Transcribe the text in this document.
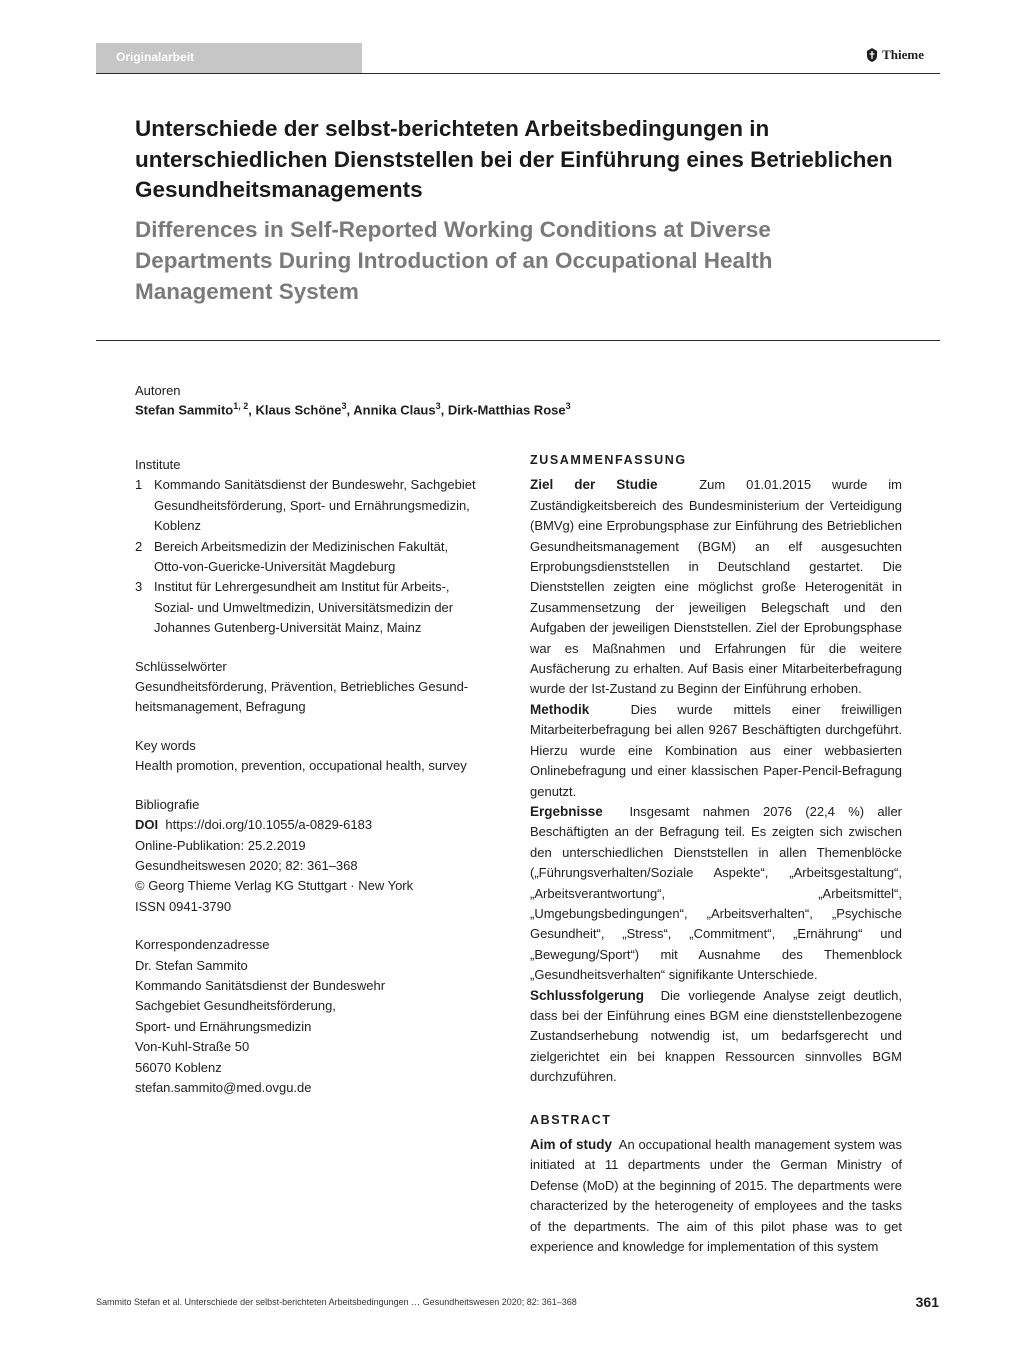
Originalarbeit	Thieme
Unterschiede der selbst-berichteten Arbeitsbedingungen in unterschiedlichen Dienststellen bei der Einführung eines Betrieblichen Gesundheitsmanagements
Differences in Self-Reported Working Conditions at Diverse Departments During Introduction of an Occupational Health Management System
Autoren
Stefan Sammito$^{1, 2}$, Klaus Schöne$^3$, Annika Claus$^3$, Dirk-Matthias Rose$^3$
Institute
1 Kommando Sanitätsdienst der Bundeswehr, Sachgebiet
Gesundheitsförderung, Sport- und Ernährungsmedizin,
Koblenz
2 Bereich Arbeitsmedizin der Medizinischen Fakultät,
Otto-von-Guericke-Universität Magdeburg
3 Institut für Lehrergesundheit am Institut für Arbeits-,
Sozial- und Umweltmedizin, Universitätsmedizin der
Johannes Gutenberg-Universität Mainz, Mainz
Schlüsselwörter
Gesundheitsförderung, Prävention, Betriebliches Gesund-
heitsmanagement, Befragung
Key words
Health promotion, prevention, occupational health, survey
Bibliografie
DOI https://doi.org/10.1055/a-0829-6183
Online-Publikation: 25.2.2019
Gesundheitswesen 2020; 82: 361–368
© Georg Thieme Verlag KG Stuttgart · New York
ISSN 0941-3790
Korrespondenzadresse
Dr. Stefan Sammito
Kommando Sanitätsdienst der Bundeswehr
Sachgebiet Gesundheitsförderung,
Sport- und Ernährungsmedizin
Von-Kuhl-Straße 50
56070 Koblenz
stefan.sammito@med.ovgu.de
ZUSAMMENFASSUNG

Ziel der Studie	Zum 01.01.2015 wurde im Zuständigkeitsbereich des Bundesministerium der Verteidigung (BMVg) eine Erprobungsphase zur Einführung des Betrieblichen Gesundheitsmanagement (BGM) an elf ausgesuchten Erprobungsdienststellen in Deutschland gestartet. Die Dienststellen zeigten eine möglichst große Heterogenität in Zusammensetzung der jeweiligen Belegschaft und den Aufgaben der jeweiligen Dienststellen. Ziel der Eprobungsphase war es Maßnahmen und Erfahrungen für die weitere Ausfächerung zu erhalten. Auf Basis einer Mitarbeiterbefragung wurde der Ist-Zustand zu Beginn der Einführung erhoben.

Methodik	Dies wurde mittels einer freiwilligen Mitarbeiterbefragung bei allen 9267 Beschäftigten durchgeführt. Hierzu wurde eine Kombination aus einer webbasierten Onlinebefragung und einer klassischen Paper-Pencil-Befragung genutzt.

Ergebnisse Insgesamt nahmen 2076 (22,4 %) aller Beschäftigten an der Befragung teil. Es zeigten sich zwischen den unterschiedlichen Dienststellen in allen Themenblöcke („Führungsverhalten/Soziale Aspekte“, „Arbeitsgestaltung“, „Arbeitsverantwortung“, „Arbeitsmittel“, „Umgebungsbedingungen“, „Arbeitsverhalten“, „Psychische Gesundheit“, „Stress“, „Commitment“, „Ernährung“ und „Bewegung/Sport“) mit Ausnahme des Themenblock „Gesundheitsverhalten“ signifikante Unterschiede.

Schlussfolgerung Die vorliegende Analyse zeigt deutlich, dass bei der Einführung eines BGM eine dienststellenbezogene Zustandserhebung notwendig ist, um bedarfsgerecht und zielgerichtet ein bei knappen Ressourcen sinnvolles BGM durchzuführen.

ABSTRACT

Aim of study An occupational health management system was initiated at 11 departments under the German Ministry of Defense (MoD) at the beginning of 2015. The departments were characterized by the heterogeneity of employees and the tasks of the departments. The aim of this pilot phase was to get experience and knowledge for implementation of this system

Sammito Stefan et al. Unterschiede der selbst-berichteten Arbeitsbedingungen … Gesundheitswesen 2020; 82: 361–368	361
